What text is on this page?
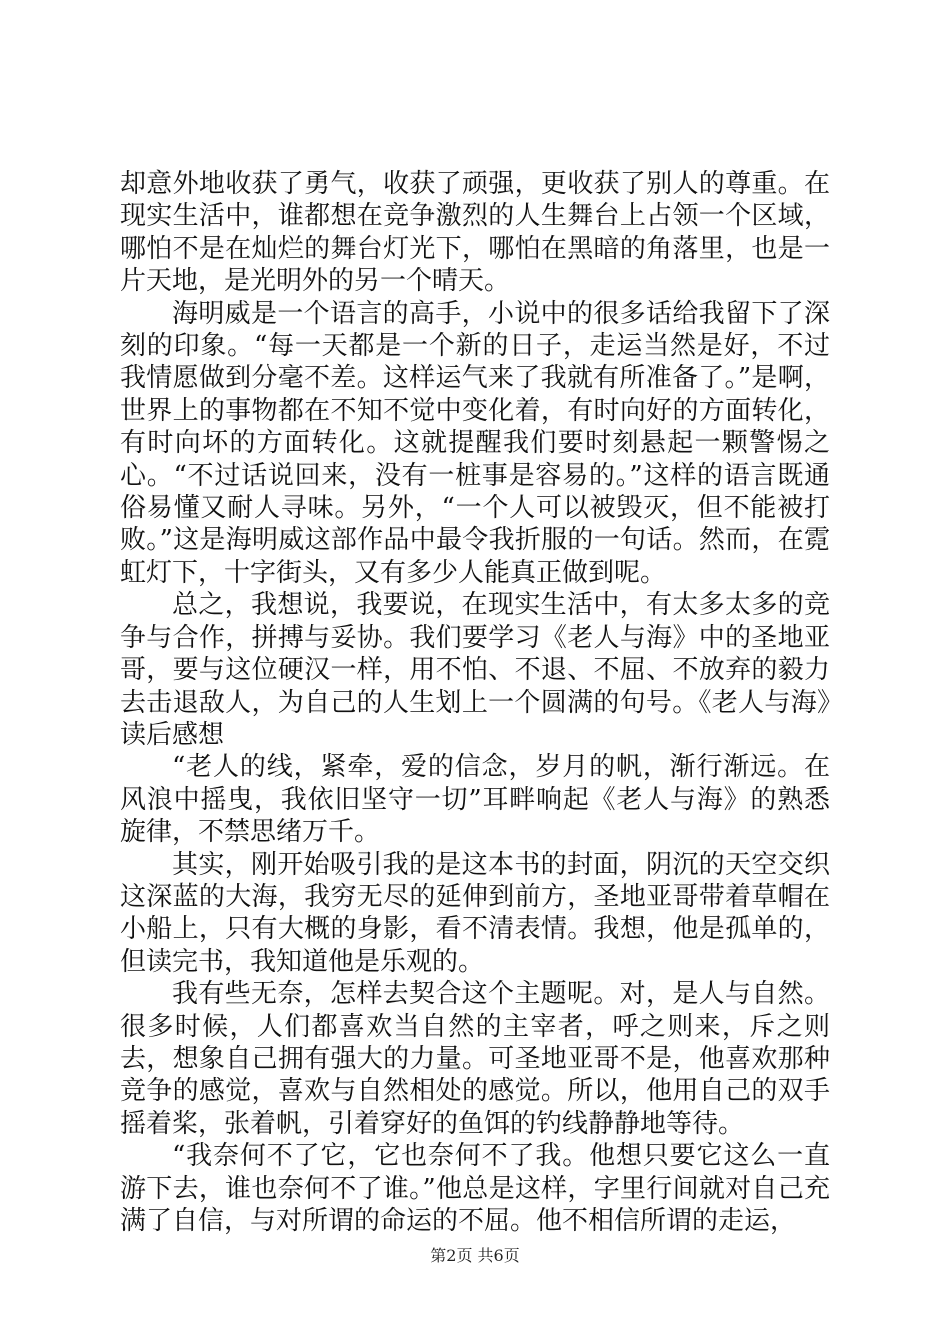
却意外地收获了勇气，收获了顽强，更收获了别人的尊重。在现实生活中，谁都想在竞争激烈的人生舞台上占领一个区域，哪怕不是在灿烂的舞台灯光下，哪怕在黑暗的角落里，也是一片天地，是光明外的另一个晴天。

海明威是一个语言的高手，小说中的很多话给我留下了深刻的印象。“每一天都是一个新的日子，走运当然是好，不过我情愿做到分毫不差。这样运气来了我就有所准备了。”是啊，世界上的事物都在不知不觉中变化着，有时向好的方面转化，有时向坏的方面转化。这就提醒我们要时刻悬起一颗警惕之心。“不过话说回来，没有一桩事是容易的。”这样的语言既通俗易懂又耐人寻味。另外，“一个人可以被毁灭，但不能被打败。”这是海明威这部作品中最令我折服的一句话。然而，在霓虹灯下，十字街头，又有多少人能真正做到呢。

总之，我想说，我要说，在现实生活中，有太多太多的竞争与合作，拼搏与妥协。我们要学习《老人与海》中的圣地亚哥，要与这位硬汉一样，用不怕、不退、不屈、不放弃的毅力去击退敌人，为自己的人生划上一个圆满的句号。《老人与海》读后感想

“老人的线，紧牵，爱的信念，岁月的帆，渐行渐远。在风浪中摇曳，我依旧坚守一切”耳畔响起《老人与海》的熟悉旋律，不禁思绪万千。

其实，刚开始吸引我的是这本书的封面，阴沉的天空交织这深蓝的大海，我穷无尽的延伸到前方，圣地亚哥带着草帽在小船上，只有大概的身影，看不清表情。我想，他是孤单的，但读完书，我知道他是乐观的。

我有些无奈，怎样去契合这个主题呢。对，是人与自然。很多时候，人们都喜欢当自然的主宰者，呼之则来，斥之则去，想象自己拥有强大的力量。可圣地亚哥不是，他喜欢那种竞争的感觉，喜欢与自然相处的感觉。所以，他用自己的双手摇着桨，张着帆，引着穿好的鱼饵的钓线静静地等待。

“我奈何不了它，它也奈何不了我。他想只要它这么一直游下去，谁也奈何不了谁。”他总是这样，字里行间就对自己充满了自信，与对所谓的命运的不屈。他不相信所谓的走运，

第2页 共6页
